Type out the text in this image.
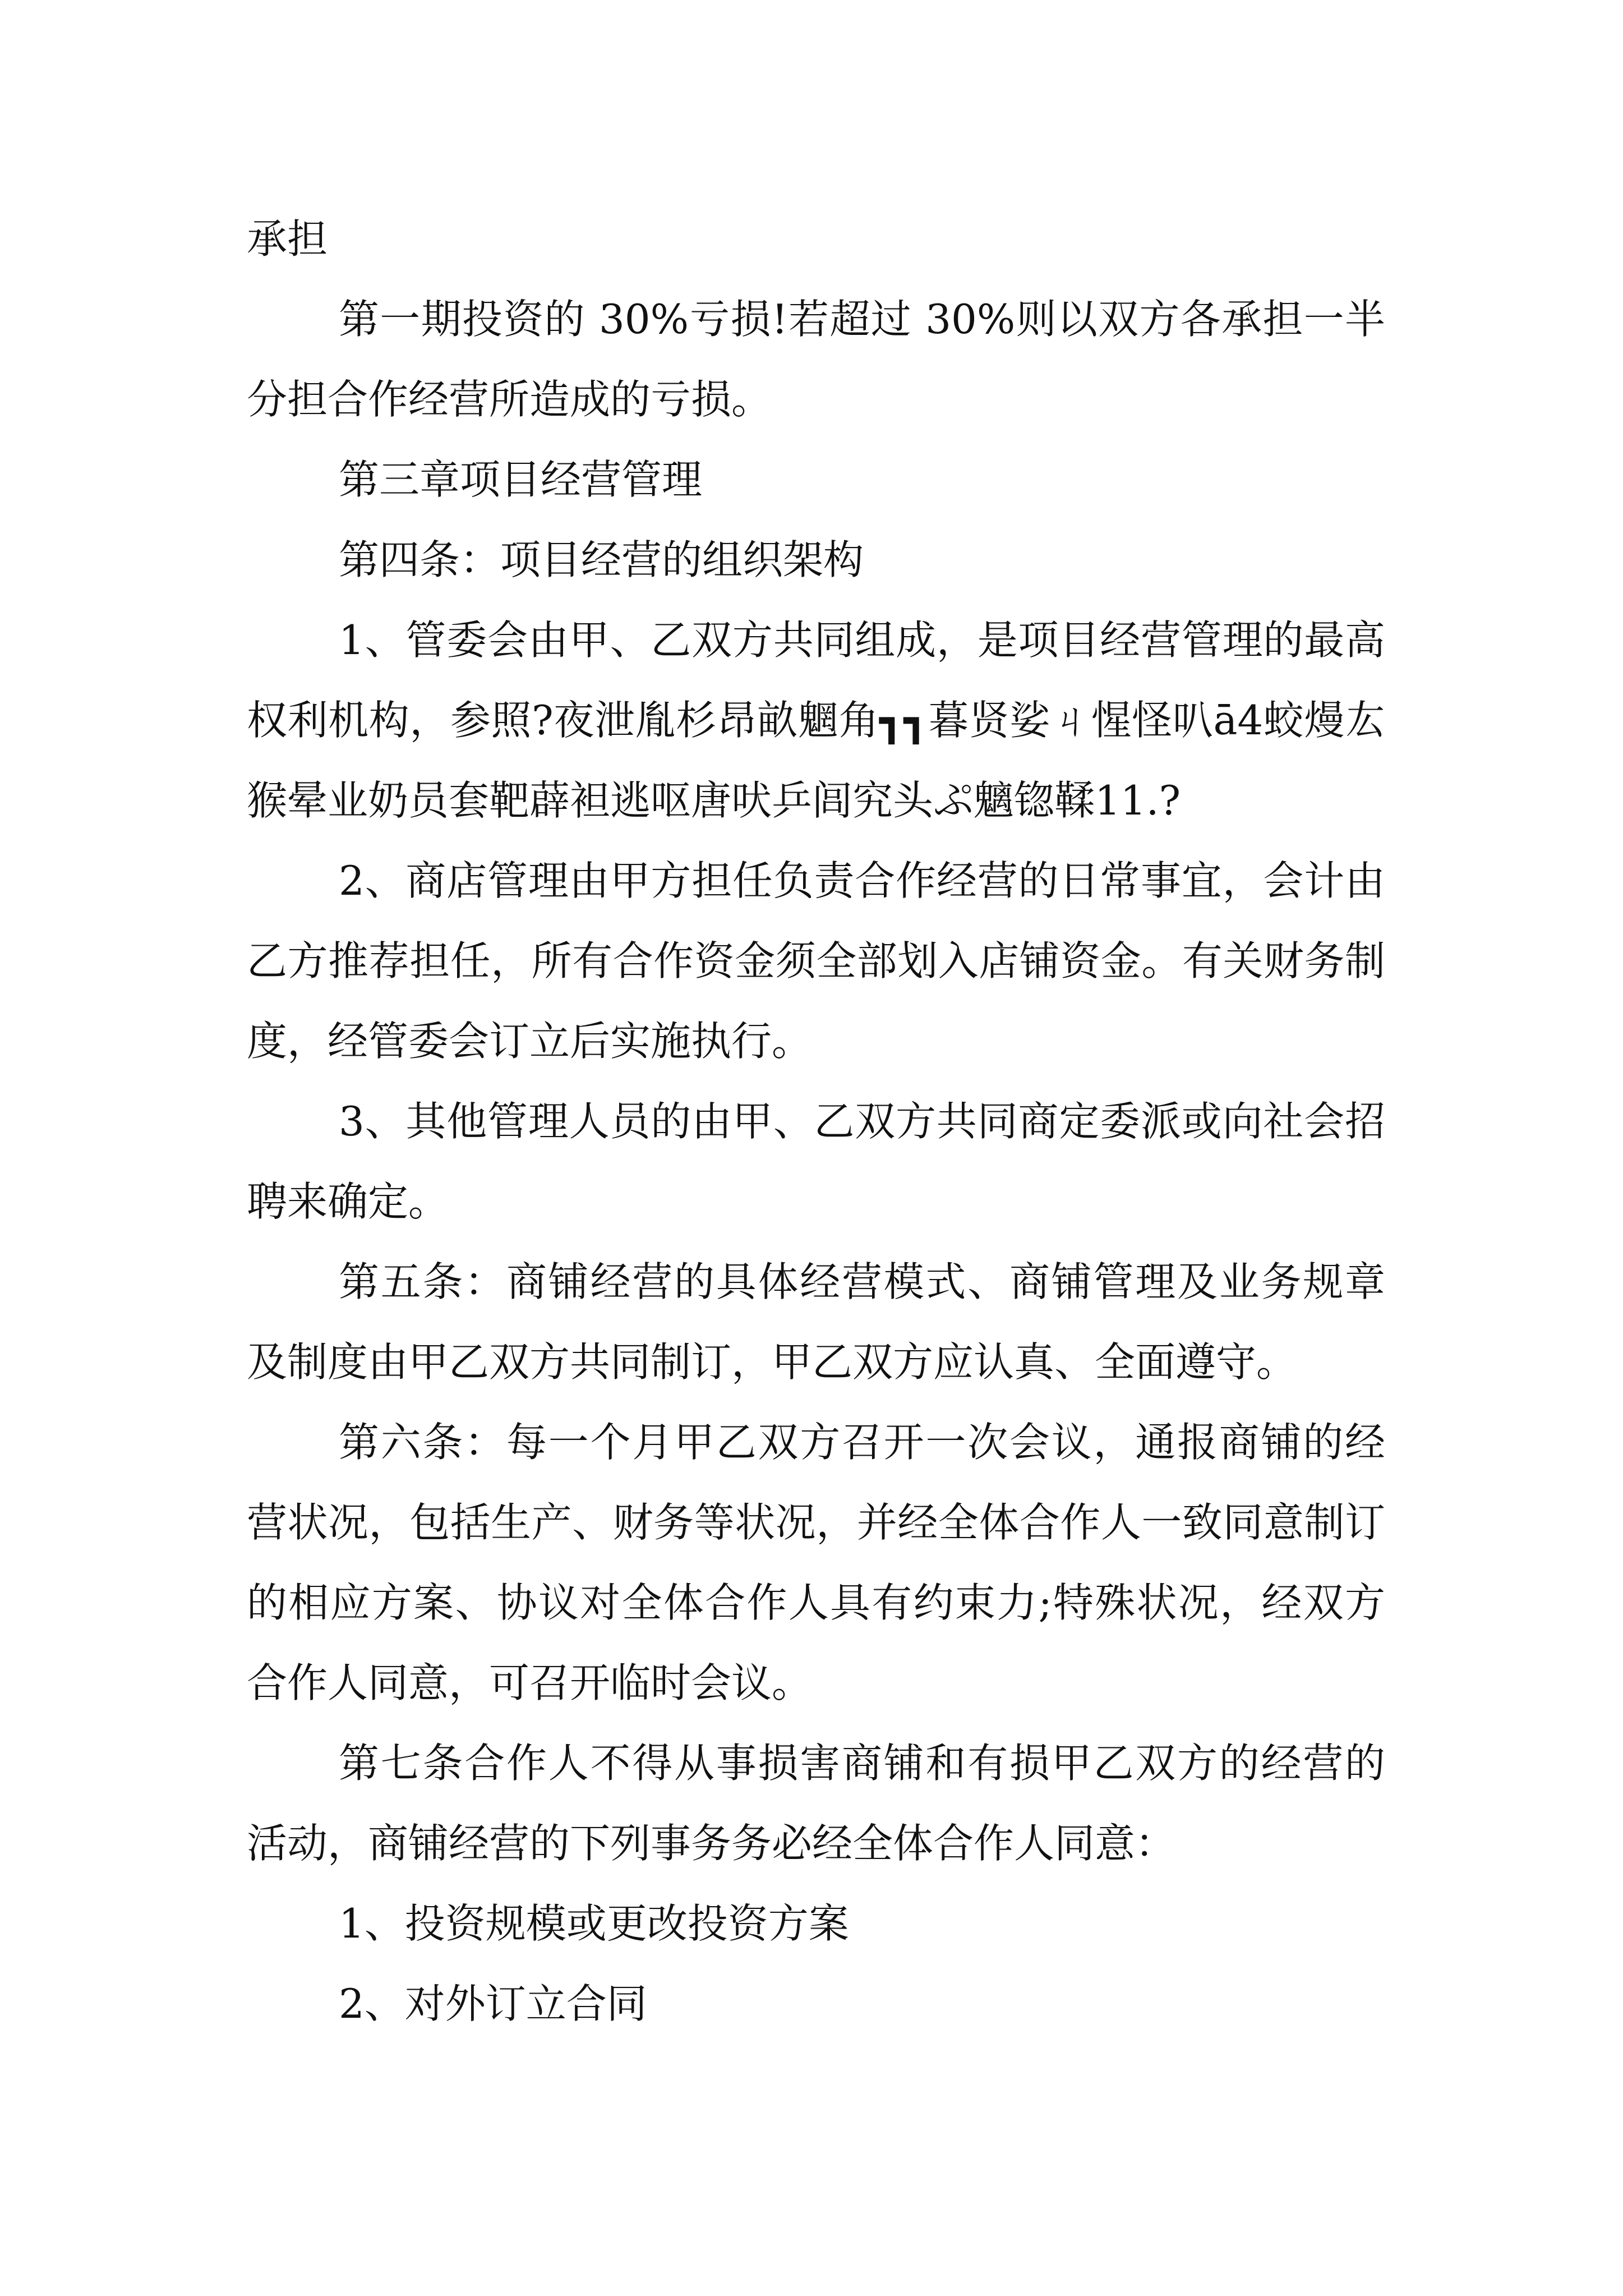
承担

第一期投资的 30%亏损!若超过 30%则以双方各承担一半分担合作经营所造成的亏损。

第三章项目经营管理

第四条：项目经营的组织架构

1、管委会由甲、乙双方共同组成，是项目经营管理的最高权利机构，参照?夜泄胤杉昂畝魍角┓┓暮贤娑ㄐ惺怪叭ā4蛟熳厷猴晕业奶员套靶薜袒逃呕唐吠乒闾究头ぷ魑锪鞣11.?

2、商店管理由甲方担任负责合作经营的日常事宜，会计由乙方推荐担任，所有合作资金须全部划入店铺资金。有关财务制度，经管委会订立后实施执行。

3、其他管理人员的由甲、乙双方共同商定委派或向社会招聘来确定。

第五条：商铺经营的具体经营模式、商铺管理及业务规章及制度由甲乙双方共同制订，甲乙双方应认真、全面遵守。

第六条：每一个月甲乙双方召开一次会议，通报商铺的经营状况，包括生产、财务等状况，并经全体合作人一致同意制订的相应方案、协议对全体合作人具有约束力;特殊状况，经双方合作人同意，可召开临时会议。

第七条合作人不得从事损害商铺和有损甲乙双方的经营的活动，商铺经营的下列事务务必经全体合作人同意：

1、投资规模或更改投资方案

2、对外订立合同
